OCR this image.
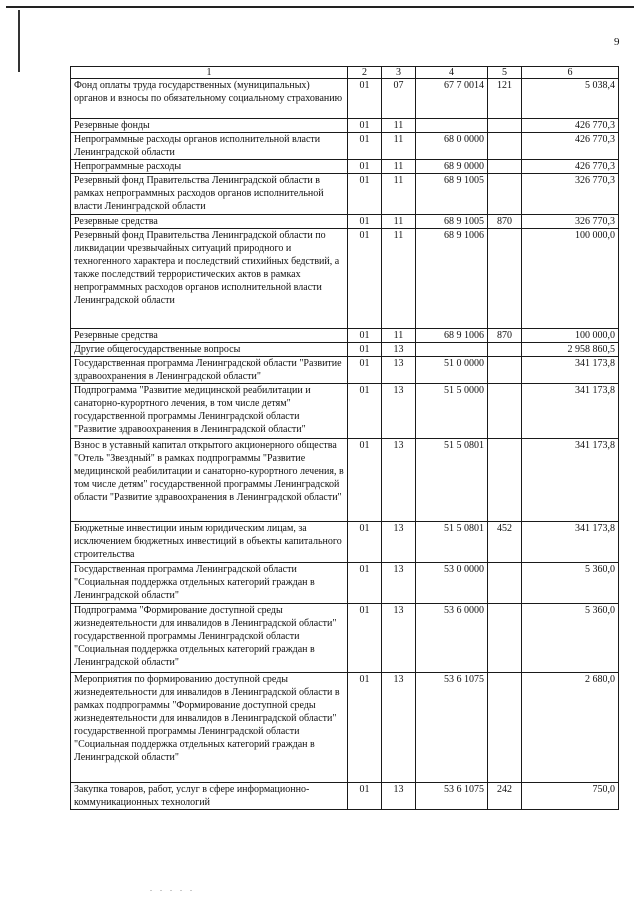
9
1	2	3	4	5	6
Фонд оплаты труда государственных (муниципальных) органов и взносы по обязательному социальному страхованию	01	07	67 7 0014	121	5 038,4
Резервные фонды	01	11			426 770,3
Непрограммные расходы органов исполнительной власти Ленинградской области	01	11	68 0 0000		426 770,3
Непрограммные расходы	01	11	68 9 0000		426 770,3
Резервный фонд Правительства Ленинградской области в рамках непрограммных расходов органов исполнительной власти Ленинградской области	01	11	68 9 1005		326 770,3
Резервные средства	01	11	68 9 1005	870	326 770,3
Резервный фонд Правительства Ленинградской области по ликвидации чрезвычайных ситуаций природного и техногенного характера и последствий стихийных бедствий, а также последствий террористических актов в рамках непрограммных расходов органов исполнительной власти Ленинградской области	01	11	68 9 1006		100 000,0
Резервные средства	01	11	68 9 1006	870	100 000,0
Другие общегосударственные вопросы	01	13			2 958 860,5
Государственная программа Ленинградской области "Развитие здравоохранения в Ленинградской области"	01	13	51 0 0000		341 173,8
Подпрограмма "Развитие медицинской реабилитации и санаторно-курортного лечения, в том числе детям" государственной программы Ленинградской области "Развитие здравоохранения в Ленинградской области"	01	13	51 5 0000		341 173,8
Взнос в уставный капитал открытого акционерного общества "Отель "Звездный" в рамках подпрограммы "Развитие медицинской реабилитации и санаторно-курортного лечения, в том числе детям" государственной программы Ленинградской области "Развитие здравоохранения в Ленинградской области"	01	13	51 5 0801		341 173,8
Бюджетные инвестиции иным юридическим лицам, за исключением бюджетных инвестиций в объекты капитального строительства	01	13	51 5 0801	452	341 173,8
Государственная программа Ленинградской области "Социальная поддержка отдельных категорий граждан в Ленинградской области"	01	13	53 0 0000		5 360,0
Подпрограмма "Формирование доступной среды жизнедеятельности для инвалидов в Ленинградской области" государственной программы Ленинградской области "Социальная поддержка отдельных категорий граждан в Ленинградской области"	01	13	53 6 0000		5 360,0
Мероприятия по формированию доступной среды жизнедеятельности для инвалидов в Ленинградской области в рамках подпрограммы "Формирование доступной среды жизнедеятельности для инвалидов в Ленинградской области" государственной программы Ленинградской области "Социальная поддержка отдельных категорий граждан в Ленинградской области"	01	13	53 6 1075		2 680,0
Закупка товаров, работ, услуг в сфере информационно-коммуникационных технологий	01	13	53 6 1075	242	750,0
. . . . .
